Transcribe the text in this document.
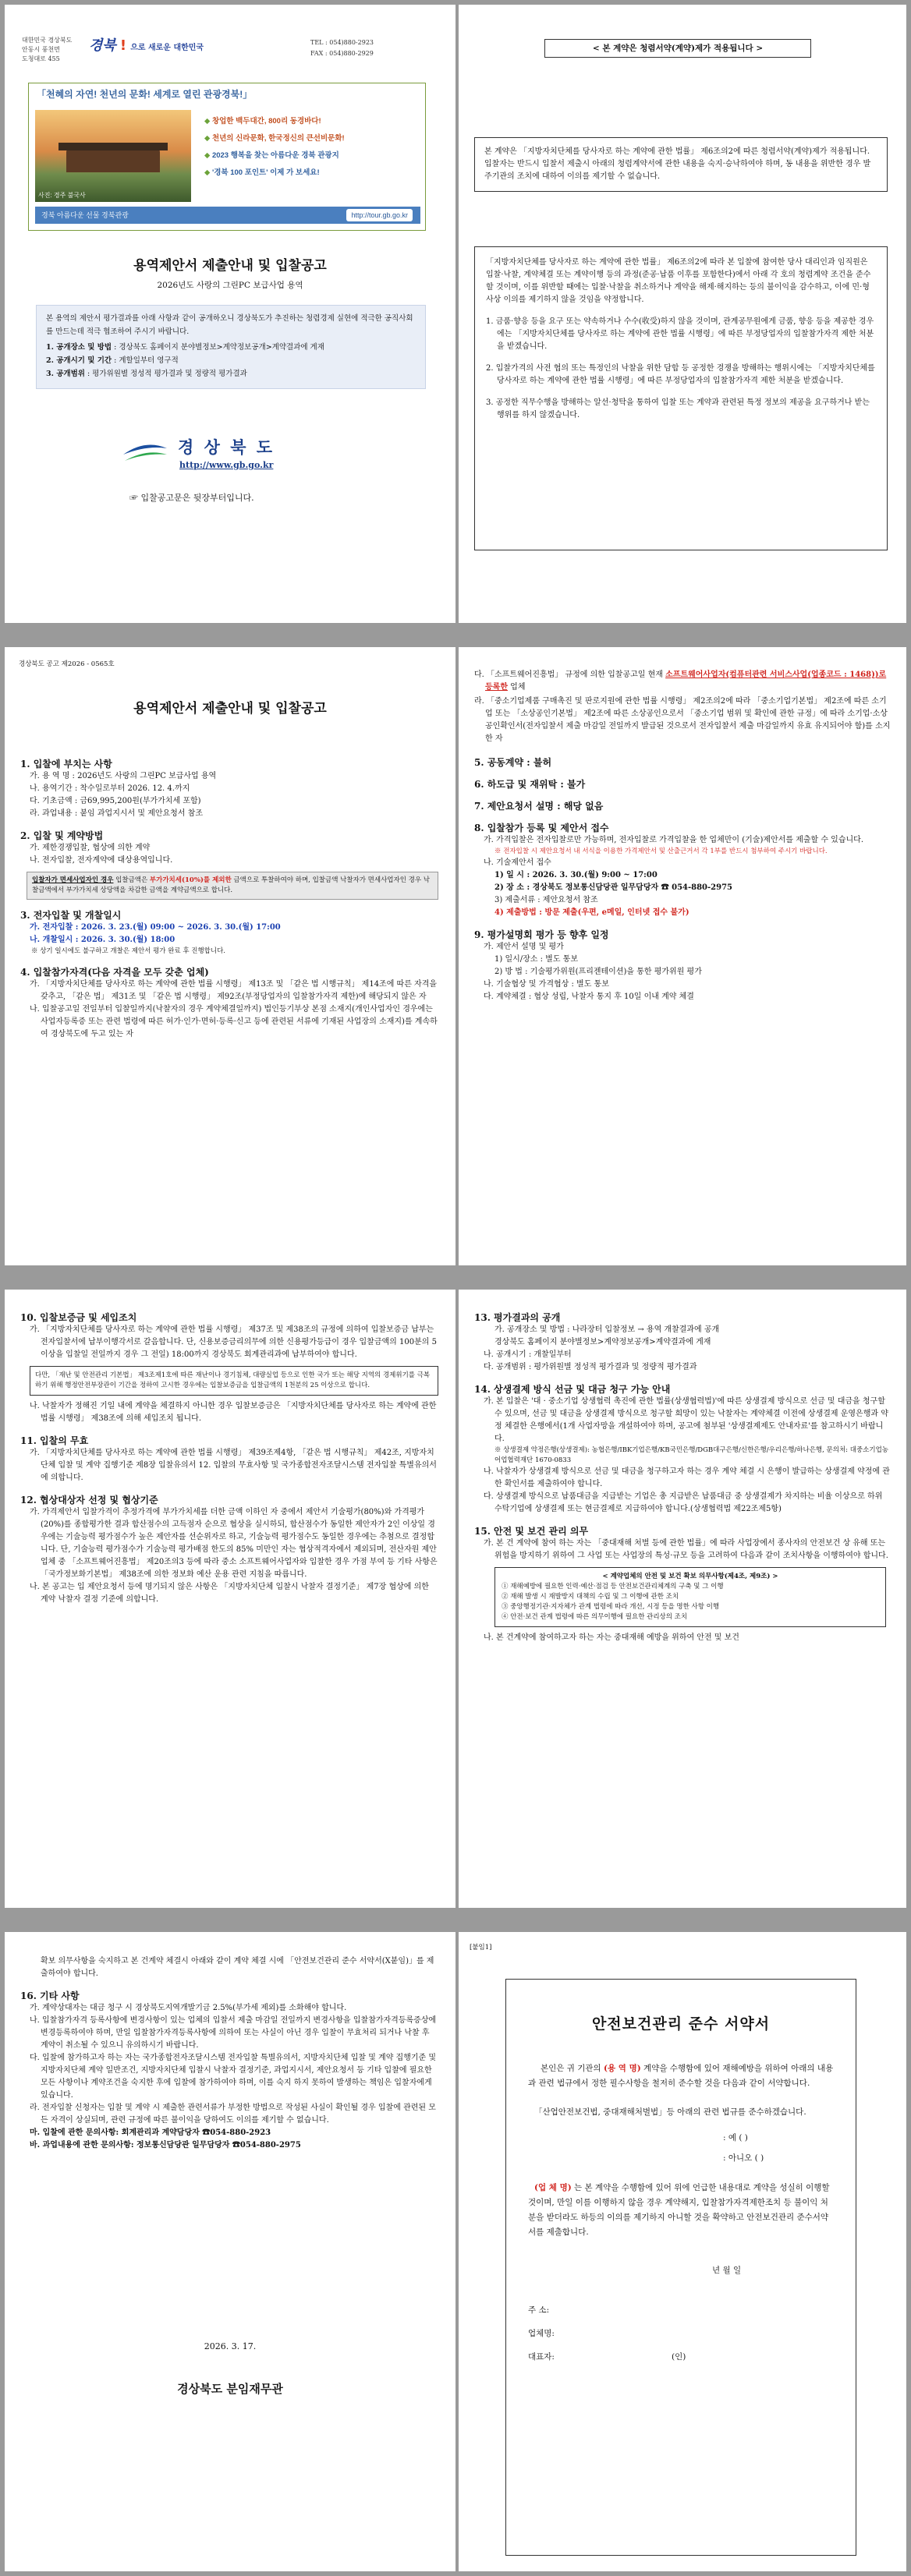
대한민국 경상북도
안동시 풍천면
도청대로 455
경북 ! 으로 새로운 대한민국
TEL : 054)880-2923
FAX : 054)880-2929
「천혜의 자연! 천년의 문화! 세계로 열린 관광경북!」
사진: 경주 불국사
◆ 창업한 백두대간, 800리 동경바다!
◆ 천년의 신라문화, 한국정신의 큰선비문화!
◆ 2023 행복을 찾는 아름다운 경북 관광지
◆ '경북 100 포인트' 이제 가 보세요!
경북 아름다운 선물 경북관광	http://tour.gb.go.kr
용역제안서 제출안내 및 입찰공고
2026년도 사랑의 그린PC 보급사업 용역
본 용역의 제안서 평가결과를 아래 사항과 같이 공개하오니 경상북도가 추진하는 청렴경제 실현에 적극한 공직사회를 만드는데 적극 협조하여 주시기 바랍니다.
1. 공개장소 및 방법 : 경상북도 홈페이지 분야별정보>계약정보공개>계약결과에 게재
2. 공개시기 및 기간 : 계할일부터 영구적
3. 공개범위 : 평가위원별 정성적 평가결과 및 정량적 평가결과
경 상 북 도
http://www.gb.go.kr
☞ 입찰공고문은 뒷장부터입니다.
< 본 계약은 청렴서약(계약)제가 적용됩니다 >
본 계약은 「지방자치단체를 당사자로 하는 계약에 관한 법률」 제6조의2에 따른 청렴서약(계약)제가 적용됩니다. 입찰자는 반드시 입찰서 제출시 아래의 청렴계약서에 관한 내용을 숙지·승낙하여야 하며, 동 내용을 위반한 경우 발주기관의 조치에 대하여 이의를 제기할 수 없습니다.
「지방자치단체를 당사자로 하는 계약에 관한 법률」 제6조의2에 따라 본 입찰에 참여한 당사 대리인과 임직원은 입찰·낙찰, 계약체결 또는 계약이행 등의 과정(준공·납품 이후를 포함한다)에서 아래 각 호의 청렴계약 조건을 준수할 것이며, 이를 위반할 때에는 입찰·낙찰을 취소하거나 계약을 해제·해지하는 등의 불이익을 감수하고, 이에 민·형사상 이의를 제기하지 않을 것임을 약정합니다.
1. 금품·향응 등을 요구 또는 약속하거나 수수(收受)하지 않을 것이며, 관계공무원에게 금품, 향응 등을 제공한 경우에는 「지방자치단체를 당사자로 하는 계약에 관한 법률 시행령」에 따른 부정당업자의 입찰참가자격 제한 처분을 받겠습니다.
2. 입찰가격의 사전 협의 또는 특정인의 낙찰을 위한 담합 등 공정한 경쟁을 방해하는 행위시에는 「지방자치단체를 당사자로 하는 계약에 관한 법률 시행령」에 따른 부정당업자의 입찰참가자격 제한 처분을 받겠습니다.
3. 공정한 직무수행을 방해하는 알선·청탁을 통하여 입찰 또는 계약과 관련된 특정 정보의 제공을 요구하거나 받는 행위를 하지 않겠습니다.
경상북도 공고 제2026 - 0565호
용역제안서 제출안내 및 입찰공고
1. 입찰에 부치는 사항
가. 용 역 명 : 2026년도 사랑의 그린PC 보급사업 용역
나. 용역기간 : 착수일로부터 2026. 12. 4.까지
다. 기초금액 : 금69,995,200원(부가가치세 포함)
라. 과업내용 : 붙임 과업지시서 및 제안요청서 참조
2. 입찰 및 계약방법
가. 제한경쟁입찰, 협상에 의한 계약
나. 전자입찰, 전자계약에 대상용역입니다.
입찰자가 면세사업자인 경우 입찰금액은 부가가치세(10%)를 제외한 금액으로 투찰하여야 하며, 입찰금액 낙찰자가 면세사업자인 경우 낙찰금액에서 부가가치세 상당액을 차감한 금액을 계약금액으로 합니다.
3. 전자입찰 및 개찰일시
가. 전자입찰 : 2026. 3. 23.(월) 09:00 ~ 2026. 3. 30.(월) 17:00
나. 개찰일시 : 2026. 3. 30.(월) 18:00
※ 상기 일시에도 불구하고 개찰은 제안서 평가 완료 후 진행합니다.
4. 입찰참가자격(다음 자격을 모두 갖춘 업체)
가. 「지방자치단체를 당사자로 하는 계약에 관한 법률 시행령」 제13조 및 「같은 법 시행규칙」 제14조에 따른 자격을 갖추고, 「같은 법」 제31조 및 「같은 법 시행령」 제92조(부정당업자의 입찰참가자격 제한)에 해당되지 않은 자
나. 입찰공고일 전일부터 입찰일까지(낙찰자의 경우 계약체결일까지) 법인등기부상 본점 소재지(개인사업자인 경우에는 사업자등록증 또는 관련 법령에 따른 허가·인가·면허·등록·신고 등에 관련된 서류에 기재된 사업장의 소재지)를 계속하여 경상북도에 두고 있는 자
다. 「소프트웨어진흥법」 규정에 의한 입찰공고일 현재 소프트웨어사업자(컴퓨터관련 서비스사업(업종코드 : 1468))로 등록한 업체
라. 「중소기업제품 구매촉진 및 판로지원에 관한 법률 시행령」 제2조의2에 따라 「중소기업기본법」 제2조에 따른 소기업 또는 「소상공인기본법」 제2조에 따른 소상공인으로서 「중소기업 범위 및 확인에 관한 규정」에 따라 소기업·소상공인확인서(전자입찰서 제출 마감일 전일까지 발급된 것으로서 전자입찰서 제출 마감일까지 유효 유지되어야 함)를 소지한 자
5. 공동계약 : 불허
6. 하도급 및 재위탁 : 불가
7. 제안요청서 설명 : 해당 없음
8. 입찰참가 등록 및 제안서 접수
가. 가격입찰은 전자입찰로만 가능하며, 전자입찰로 가격입찰을 한 업체만이 (기술)제안서를 제출할 수 있습니다.
※ 전자입찰 시 제안요청서 내 서식을 이용한 가격제안서 및 산출근거서 각 1부를 반드시 첨부하여 주시기 바랍니다.
나. 기술제안서 접수
1) 일 시 : 2026. 3. 30.(월) 9:00 ~ 17:00
2) 장 소 : 경상북도 정보통신담당관 일무담당자 ☎ 054-880-2975
3) 제출서류 : 제안요청서 참조
4) 제출방법 : 방문 제출(우편, e메일, 인터넷 접수 불가)
9. 평가설명회 평가 등 향후 일정
가. 제안서 설명 및 평가
1) 일시/장소 : 별도 통보
2) 방 법 : 기술평가위원(프리젠테이션)을 통한 평가위원 평가
나. 기술협상 및 가격협상 : 별도 통보
다. 계약체결 : 협상 성립, 낙찰자 통지 후 10일 이내 계약 체결
10. 입찰보증금 및 세입조치
가. 「지방자치단체를 당사자로 하는 계약에 관한 법률 시행령」 제37조 및 제38조의 규정에 의하여 입찰보증금 납부는 전자입찰서에 납부이행각서로 갈음합니다. 단, 신용보증금리의무에 의한 신용평가등급이 경우 입찰금액의 100분의 5 이상을 입찰일 전일까지 경우 그 전일) 18:00까지 경상북도 회계관리과에 납부하여야 합니다.
다만, 「재난 및 안전관리 기본법」 제3조제1호에 따른 재난이나 경기침체, 대량실업 등으로 인한 국가 또는 해당 지역의 경제위기를 극복하기 위해 행정안전부장관이 기간을 정하여 고시한 경우에는 입찰보증금을 입찰금액의 1천분의 25 이상으로 합니다.
나. 낙찰자가 정해진 기일 내에 계약을 체결하지 아니한 경우 입찰보증금은 「지방자치단체를 당사자로 하는 계약에 관한 법률 시행령」 제38조에 의해 세입조치 됩니다.
11. 입찰의 무효
가. 「지방자치단체를 당사자로 하는 계약에 관한 법률 시행령」 제39조제4항, 「같은 법 시행규칙」 제42조, 지방자치단체 입찰 및 계약 집행기준 제8장 입찰유의서 12. 입찰의 무효사항 및 국가종합전자조달시스템 전자입찰 특별유의서에 의합니다.
12. 협상대상자 선정 및 협상기준
가. 가격제안서 입찰가격이 추정가격에 부가가치세를 더한 금액 이하인 자 중에서 제안서 기술평가(80%)와 가격평가(20%)를 종합평가한 결과 합산점수의 고득점자 순으로 협상을 실시하되, 합산점수가 동일한 제안자가 2인 이상일 경우에는 기술능력 평가점수가 높은 제안자를 선순위자로 하고, 기술능력 평가점수도 동일한 경우에는 추첨으로 결정합니다. 단, 기술능력 평가점수가 기술능력 평가배점 한도의 85% 미만인 자는 협상적격자에서 제외되며, 전산자원 제안업체 중 「소프트웨어진흥법」 제20조의3 등에 따라 중소 소프트웨어사업자와 입찰한 경우 가점 부여 등 기타 사항은 「국가정보화기본법」 제38조에 의한 정보화 예산 운용 관련 지침을 따릅니다.
나. 본 공고는 입 제안요청서 등에 명기되지 않은 사항은 「지방자치단체 입찰시 낙찰자 결정기준」 제7장 협상에 의한 계약 낙찰자 결정 기준에 의합니다.
13. 평가결과의 공개
가. 공개장소 및 방법 : 나라장터 입찰정보 → 용역 개찰결과에 공개
경상북도 홈페이지 분야별정보>계약정보공개>계약결과에 게재
나. 공개시기 : 개찰일부터
다. 공개범위 : 평가위원별 정성적 평가결과 및 정량적 평가결과
14. 상생결제 방식 선금 및 대금 청구 가능 안내
가. 본 입찰은 '대 · 중소기업 상생협력 촉진에 관한 법률(상생협력법)'에 따른 상생결제 방식으로 선금 및 대금을 청구할 수 있으며, 선금 및 대금을 상생결제 방식으로 청구할 희망이 있는 낙찰자는 계약체결 이전에 상생결제 운영은행과 약정 체결한 은행에서(1개 사업자망을 개설하여야 하며, 공고에 첨부된 '상생결제제도 안내자료'를 참고하시기 바랍니다.
※ 상생결제 약정은행(상생결제): 농협은행/IBK기업은행/KB국민은행/DGB대구은행/신한은행/우리은행/하나은행, 문의처: 대중소기업농어업협력재단 1670-0833
나. 낙찰자가 상생결제 방식으로 선금 및 대금을 청구하고자 하는 경우 계약 체결 시 은행이 발급하는 상생결제 약정에 관한 확인서를 제출하여야 합니다.
다. 상생결제 방식으로 납품대금을 지급받는 기업은 총 지급받은 납품대금 중 상생결제가 차지하는 비율 이상으로 하위 수탁기업에 상생결제 또는 현금결제로 지급하여야 합니다.(상생협력법 제22조제5항)
15. 안전 및 보건 관리 의무
가. 본 건 계약에 참여 하는 자는 「중대재해 처벌 등에 관한 법률」에 따라 사업장에서 종사자의 안전보건 상 유해 또는 위험을 방지하기 위하여 그 사업 또는 사업장의 특성·규모 등을 고려하여 다음과 같이 조치사항을 이행하여야 합니다.
< 계약업체의 안전 및 보건 확보 의무사항(제4조, 제9조) >
① 재해예방에 필요한 인력·예산·점검 등 안전보건관리체계의 구축 및 그 이행
② 재해 발생 시 재발방지 대책의 수립 및 그 이행에 관한 조치
③ 중앙행정기관·지자체가 관계 법령에 따라 개선, 시정 등을 명한 사항 이행
④ 안전·보건 관계 법령에 따른 의무이행에 필요한 관리상의 조치
나. 본 건계약에 참여하고자 하는 자는 중대재해 예방을 위하여 안전 및 보건
확보 의무사항을 숙지하고 본 건계약 체결시 아래와 같이 계약 체결 시에 「안전보건관리 준수 서약서(X붙임)」를 제출하여야 합니다.
16. 기타 사항
가. 계약상대자는 대금 청구 시 경상북도지역개발기금 2.5%(부가세 제외)를 소화해야 합니다.
나. 입찰참가자격 등록사항에 변경사항이 있는 업체의 입찰서 제출 마감일 전일까지 변경사항을 입찰참가자격등록증상에 변경등록하여야 하며, 만일 입찰참가자격등록사항에 의하여 또는 사실이 아닌 경우 입찰이 무효처리 되거나 낙찰 후 계약이 취소될 수 있으니 유의하시기 바랍니다.
다. 입찰에 참가하고자 하는 자는 국가종합전자조달시스템 전자입찰 특별유의서, 지방자치단체 입찰 및 계약 집행기준 및 지방자치단체 계약 일반조건, 지방자치단체 입찰시 낙찰자 결정기준, 과업지시서, 제안요청서 등 기타 입찰에 필요한 모든 사항이나 계약조건을 숙지한 후에 입찰에 참가하여야 하며, 이를 숙지 하지 못하여 발생하는 책임은 입찰자에게 있습니다.
라. 전자입찰 신청자는 입찰 및 계약 시 제출한 관련서류가 부정한 방법으로 작성된 사실이 확인될 경우 입찰에 관련된 모든 자격이 상실되며, 관련 규정에 따른 불이익을 당하여도 이의를 제기할 수 없습니다.
마. 입찰에 관한 문의사항: 회계관리과 계약담당자 ☎054-880-2923
바. 과업내용에 관한 문의사항: 정보통신담당관 일무담당자 ☎054-880-2975
2026. 3. 17.
경상북도 분임재무관
[붙임1]
안전보건관리 준수 서약서
본인은 귀 기관의 (용 역 명) 계약을 수행함에 있어 재해예방을 위하여 아래의 내용과 관련 법규에서 정한 필수사항을 철저히 준수할 것을 다음과 같이 서약합니다.
「산업안전보건법, 중대재해처벌법」등 아래의 관련 법규를 준수하겠습니다.
: 예 ( )
: 아니오 ( )
(업 체 명) 는 본 계약을 수행함에 있어 위에 언급한 내용대로 계약을 성실히 이행할 것이며, 만일 이를 이행하지 않을 경우 계약해지, 입찰참가자격제한조치 등 불이익 처분을 받더라도 하등의 이의를 제기하지 아니할 것을 확약하고 안전보건관리 준수서약서를 제출합니다.
년 월 일
주 소:
업체명:
대표자:	(인)
